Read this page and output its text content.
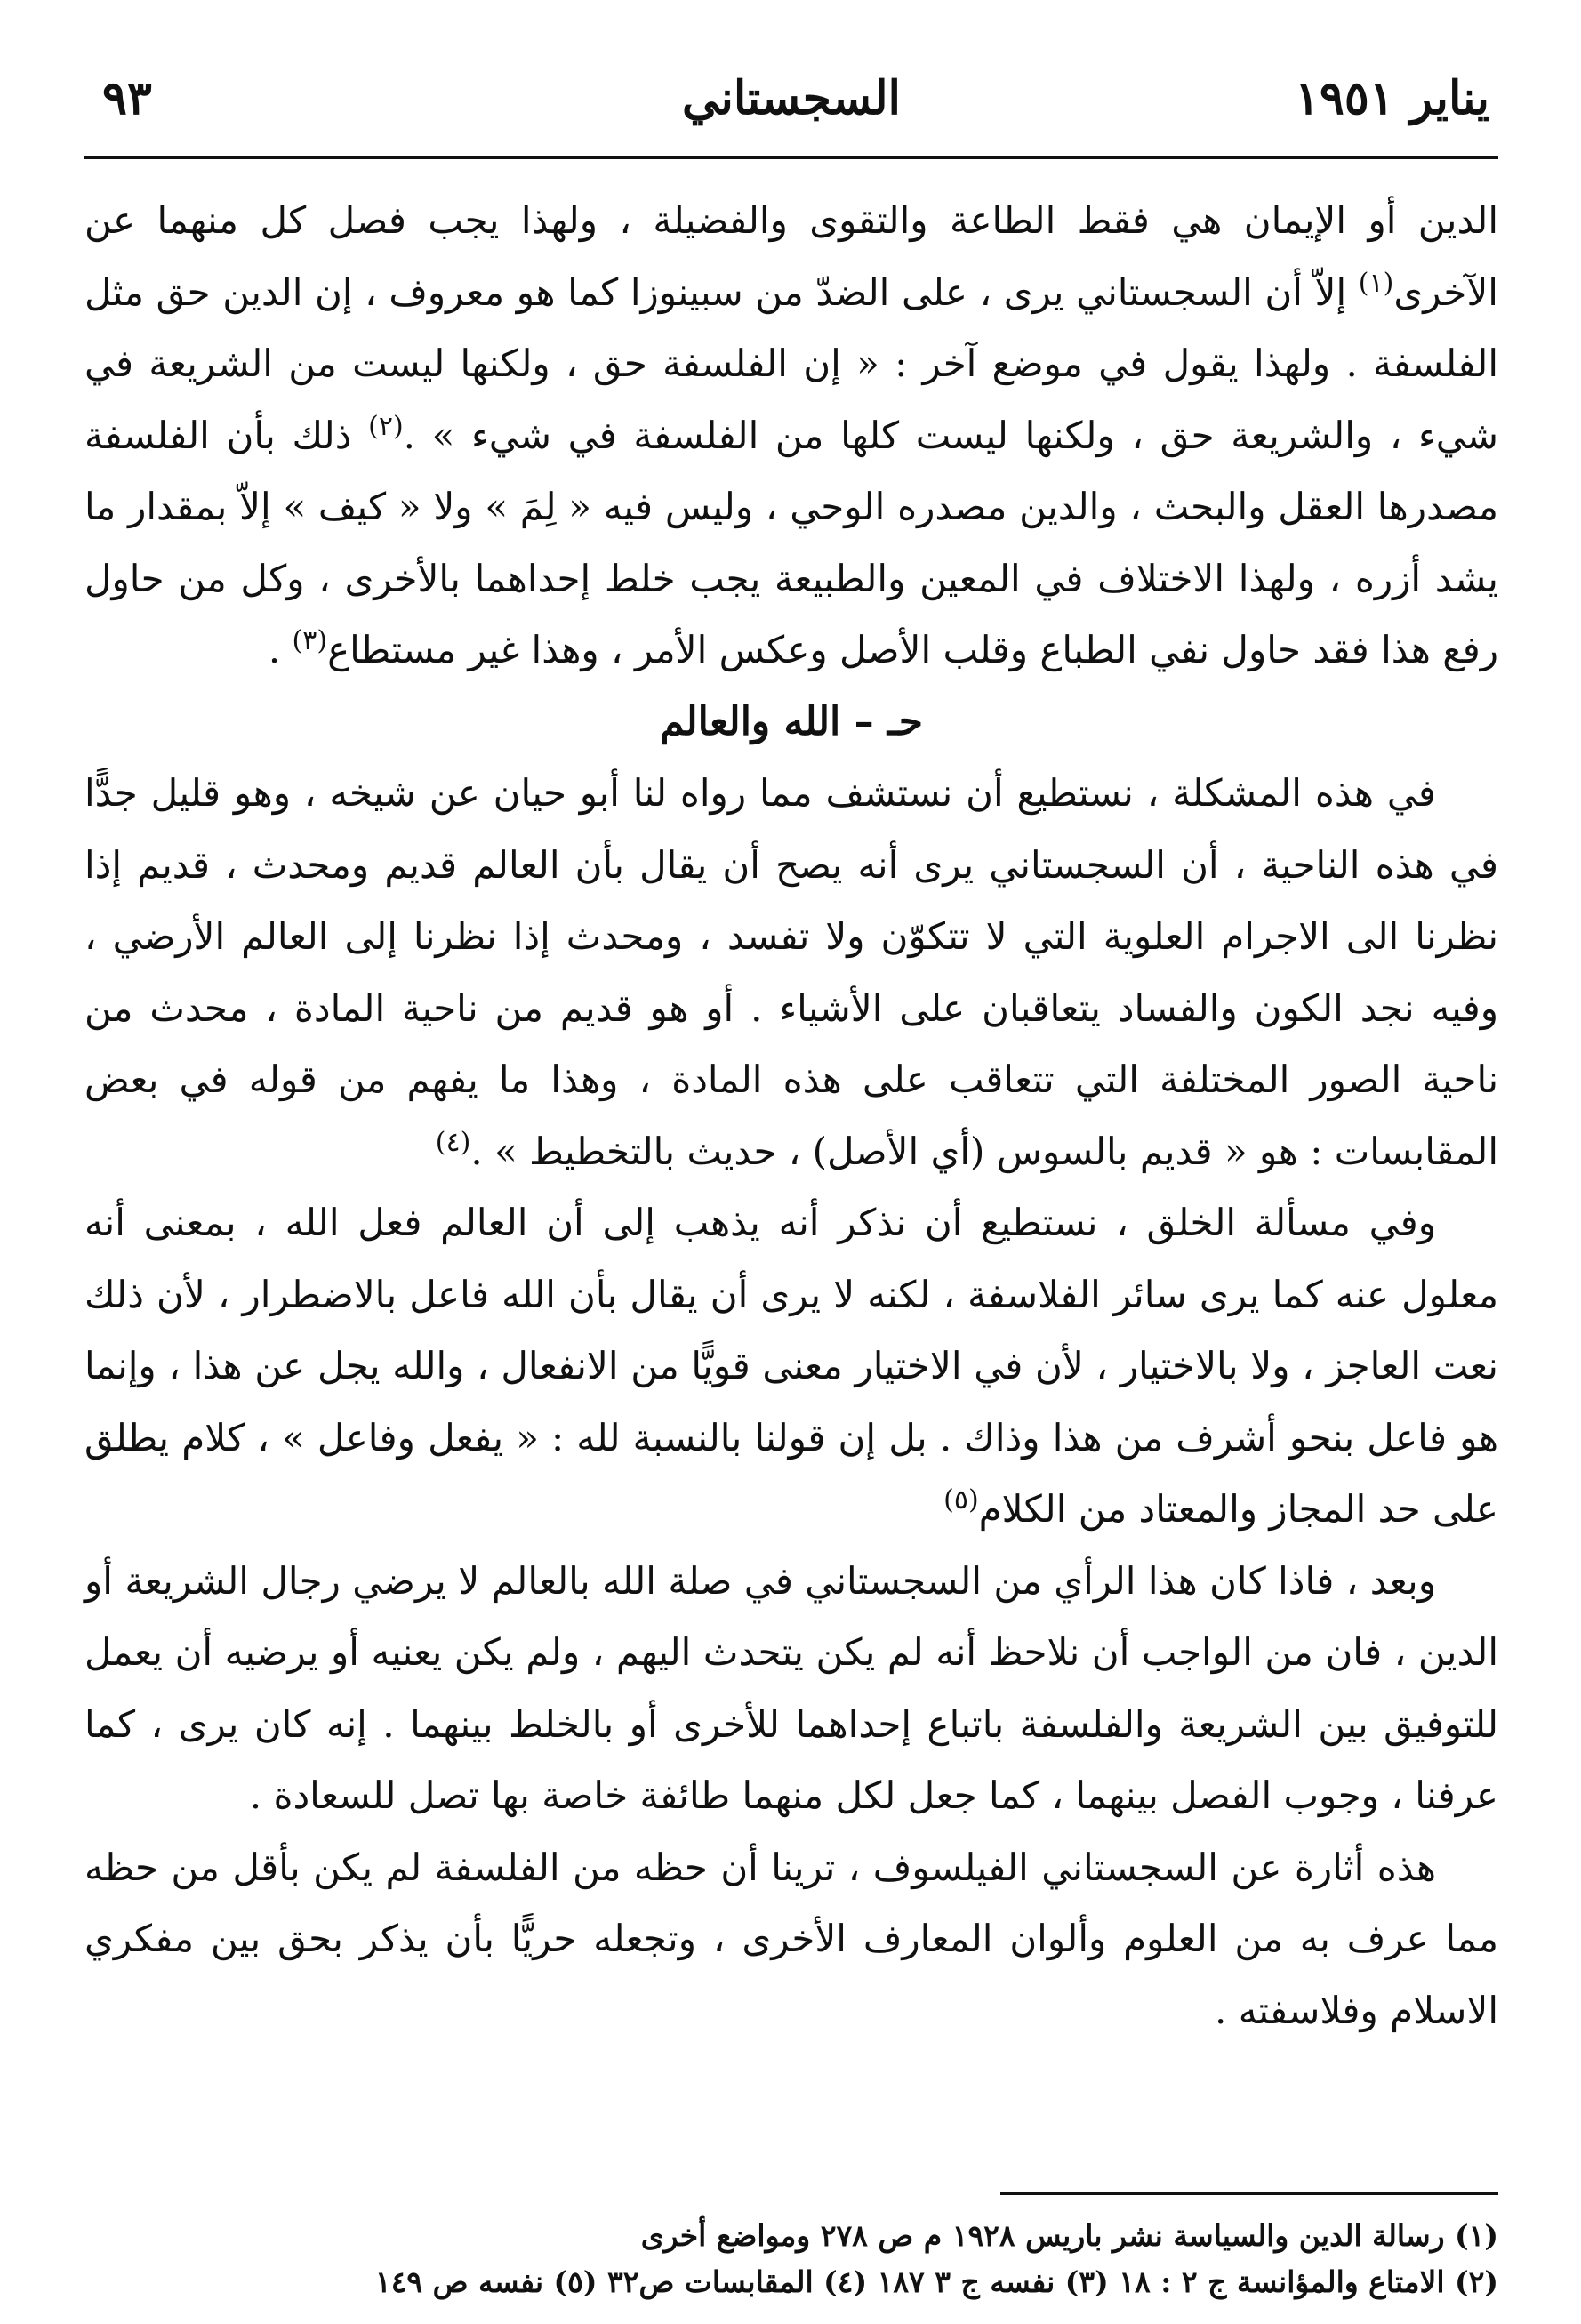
يناير ١٩٥١
السجستاني
٩٣

الدين أو الإيمان هي فقط الطاعة والتقوى والفضيلة ، ولهذا يجب فصل كل منهما عن الآخرى$^{(١)}$ إلاّ أن السجستاني يرى ، على الضدّ من سبينوزا كما هو معروف ، إن الدين حق مثل الفلسفة . ولهذا يقول في موضع آخر : « إن الفلسفة حق ، ولكنها ليست من الشريعة في شيء ، والشريعة حق ، ولكنها ليست كلها من الفلسفة في شيء » .$^{(٢)}$ ذلك بأن الفلسفة مصدرها العقل والبحث ، والدين مصدره الوحي ، وليس فيه « لِمَ » ولا « كيف » إلاّ بمقدار ما يشد أزره ، ولهذا الاختلاف في المعين والطبيعة يجب خلط إحداهما بالأخرى ، وكل من حاول رفع هذا فقد حاول نفي الطباع وقلب الأصل وعكس الأمر ، وهذا غير مستطاع$^{(٣)}$ .

حـ – الله والعالم

في هذه المشكلة ، نستطيع أن نستشف مما رواه لنا أبو حيان عن شيخه ، وهو قليل جدًّا في هذه الناحية ، أن السجستاني يرى أنه يصح أن يقال بأن العالم قديم ومحدث ، قديم إذا نظرنا الى الاجرام العلوية التي لا تتكوّن ولا تفسد ، ومحدث إذا نظرنا إلى العالم الأرضي ، وفيه نجد الكون والفساد يتعاقبان على الأشياء . أو هو قديم من ناحية المادة ، محدث من ناحية الصور المختلفة التي تتعاقب على هذه المادة ، وهذا ما يفهم من قوله في بعض المقابسات : هو « قديم بالسوس (أي الأصل) ، حديث بالتخطيط » .$^{(٤)}$

وفي مسألة الخلق ، نستطيع أن نذكر أنه يذهب إلى أن العالم فعل الله ، بمعنى أنه معلول عنه كما يرى سائر الفلاسفة ، لكنه لا يرى أن يقال بأن الله فاعل بالاضطرار ، لأن ذلك نعت العاجز ، ولا بالاختيار ، لأن في الاختيار معنى قويًّا من الانفعال ، والله يجل عن هذا ، وإنما هو فاعل بنحو أشرف من هذا وذاك . بل إن قولنا بالنسبة لله : « يفعل وفاعل » ، كلام يطلق على حد المجاز والمعتاد من الكلام$^{(٥)}$

وبعد ، فاذا كان هذا الرأي من السجستاني في صلة الله بالعالم لا يرضي رجال الشريعة أو الدين ، فان من الواجب أن نلاحظ أنه لم يكن يتحدث اليهم ، ولم يكن يعنيه أو يرضيه أن يعمل للتوفيق بين الشريعة والفلسفة باتباع إحداهما للأخرى أو بالخلط بينهما . إنه كان يرى ، كما عرفنا ، وجوب الفصل بينهما ، كما جعل لكل منهما طائفة خاصة بها تصل للسعادة .

هذه أثارة عن السجستاني الفيلسوف ، ترينا أن حظه من الفلسفة لم يكن بأقل من حظه مما عرف به من العلوم وألوان المعارف الأخرى ، وتجعله حريًّا بأن يذكر بحق بين مفكري الاسلام وفلاسفته .

(١) رسالة الدين والسياسة نشر باريس ١٩٢٨ م ص ٢٧٨ ومواضع أخرى

(٢) الامتاع والمؤانسة ج ٢ : ١٨ (٣) نفسه ج ٣ ١٨٧ (٤) المقابسات ص٣٢ (٥) نفسه ص ١٤٩
